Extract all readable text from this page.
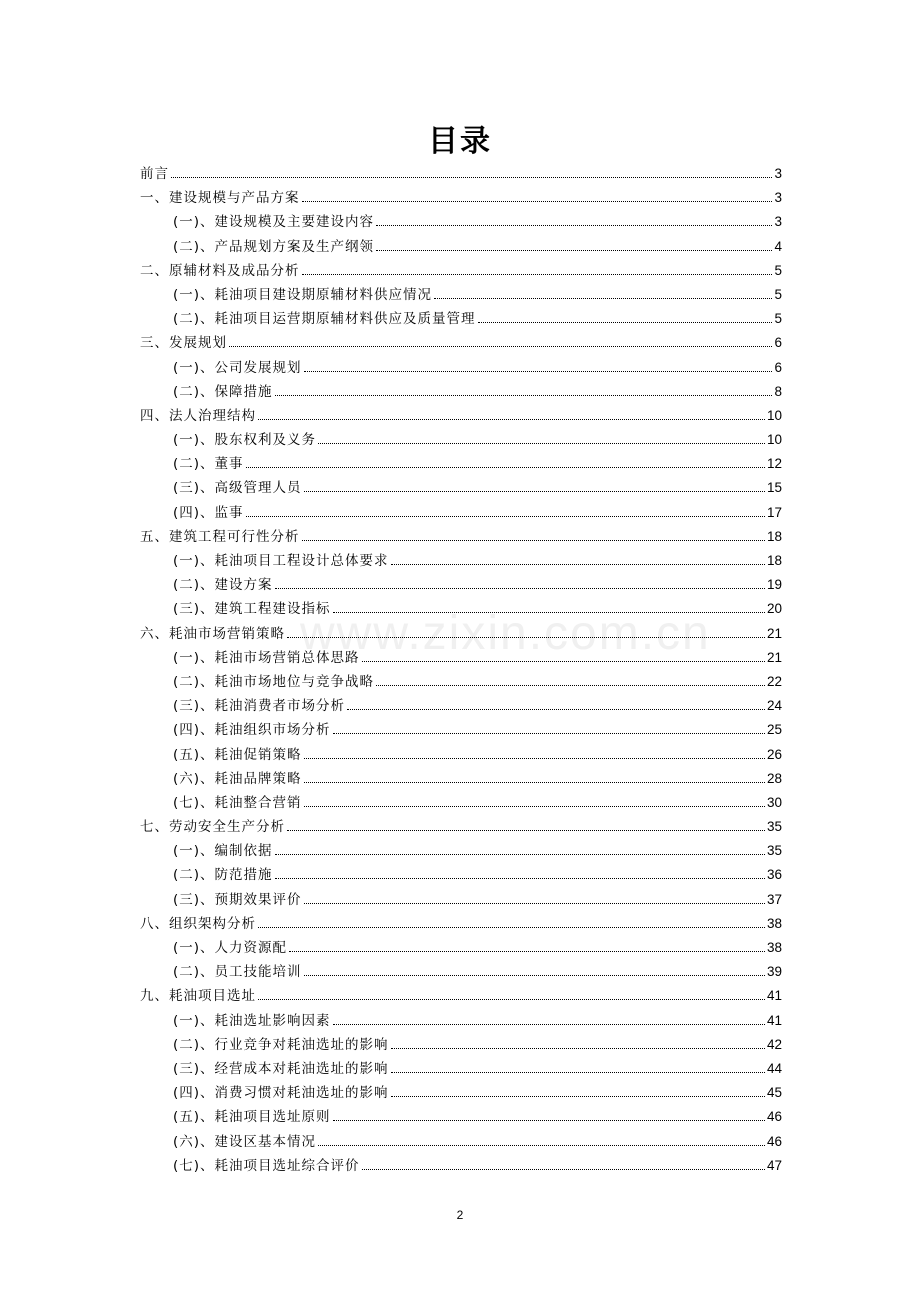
目录
www.zixin.com.cn
前言	3
一、建设规模与产品方案	3
(一)、建设规模及主要建设内容	3
(二)、产品规划方案及生产纲领	4
二、原辅材料及成品分析	5
(一)、耗油项目建设期原辅材料供应情况	5
(二)、耗油项目运营期原辅材料供应及质量管理	5
三、发展规划	6
(一)、公司发展规划	6
(二)、保障措施	8
四、法人治理结构	10
(一)、股东权利及义务	10
(二)、董事	12
(三)、高级管理人员	15
(四)、监事	17
五、建筑工程可行性分析	18
(一)、耗油项目工程设计总体要求	18
(二)、建设方案	19
(三)、建筑工程建设指标	20
六、耗油市场营销策略	21
(一)、耗油市场营销总体思路	21
(二)、耗油市场地位与竞争战略	22
(三)、耗油消费者市场分析	24
(四)、耗油组织市场分析	25
(五)、耗油促销策略	26
(六)、耗油品牌策略	28
(七)、耗油整合营销	30
七、劳动安全生产分析	35
(一)、编制依据	35
(二)、防范措施	36
(三)、预期效果评价	37
八、组织架构分析	38
(一)、人力资源配	38
(二)、员工技能培训	39
九、耗油项目选址	41
(一)、耗油选址影响因素	41
(二)、行业竞争对耗油选址的影响	42
(三)、经营成本对耗油选址的影响	44
(四)、消费习惯对耗油选址的影响	45
(五)、耗油项目选址原则	46
(六)、建设区基本情况	46
(七)、耗油项目选址综合评价	47
2
